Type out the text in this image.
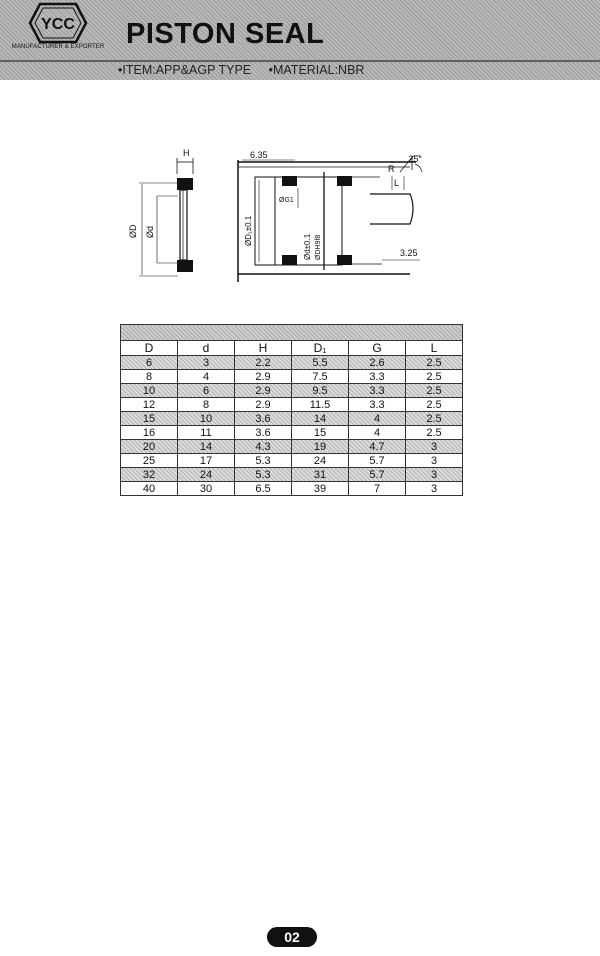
YCC
MANUFACTURER & EXPORTER PISTON SEAL
•ITEM:APP&AGP TYPE •MATERIAL:NBR
H
ØD Ød
6.35
ØD₁±0.1
ØG1
Ød±0.1 ØDH9f8
R
25°
L
3.25

D	d	H	D₁	G	L
6	3	2.2	5.5	2.6	2.5
8	4	2.9	7.5	3.3	2.5
10	6	2.9	9.5	3.3	2.5
12	8	2.9	11.5	3.3	2.5
15	10	3.6	14	4	2.5
16	11	3.6	15	4	2.5
20	14	4.3	19	4.7	3
25	17	5.3	24	5.7	3
32	24	5.3	31	5.7	3
40	30	6.5	39	7	3
02
